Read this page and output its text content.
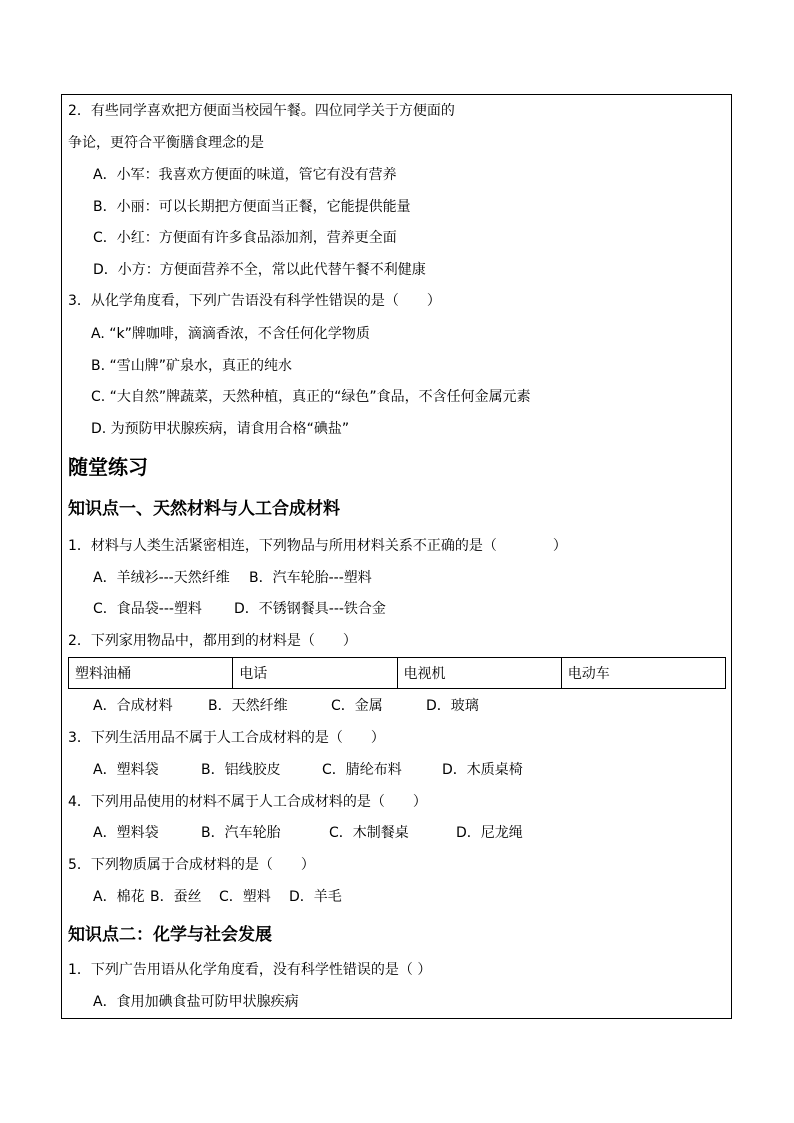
2．有些同学喜欢把方便面当校园午餐。四位同学关于方便面的
争论，更符合平衡膳食理念的是
A．小军：我喜欢方便面的味道，管它有没有营养
B．小丽：可以长期把方便面当正餐，它能提供能量
C．小红：方便面有许多食品添加剂，营养更全面
D．小方：方便面营养不全，常以此代替午餐不利健康
3．从化学角度看，下列广告语没有科学性错误的是（　　）
A. “k”牌咖啡，滴滴香浓，不含任何化学物质
B. “雪山牌”矿泉水，真正的纯水
C. “大自然”牌蔬菜，天然种植，真正的“绿色”食品，不含任何金属元素
D. 为预防甲状腺疾病，请食用合格“碘盐”
随堂练习
知识点一、天然材料与人工合成材料
1．材料与人类生活紧密相连，下列物品与所用材料关系不正确的是（　　　　）
A．羊绒衫---天然纤维 B．汽车轮胎---塑料
C．食品袋---塑料 D．不锈钢餐具---铁合金
2．下列家用物品中，都用到的材料是（　　）
塑料油桶	电话	电视机	电动车
A．合成材料	B．天然纤维	C．金属	D．玻璃
3．下列生活用品不属于人工合成材料的是（　　）
A．塑料袋	B．铝线胶皮	C．腈纶布料	D．木质桌椅
4．下列用品使用的材料不属于人工合成材料的是（　　）
A．塑料袋	B．汽车轮胎	C．木制餐桌	D．尼龙绳
5．下列物质属于合成材料的是（　　）
A．棉花 B．蚕丝 C．塑料 D．羊毛
知识点二：化学与社会发展
1．下列广告用语从化学角度看，没有科学性错误的是（ ）
A．食用加碘食盐可防甲状腺疾病
